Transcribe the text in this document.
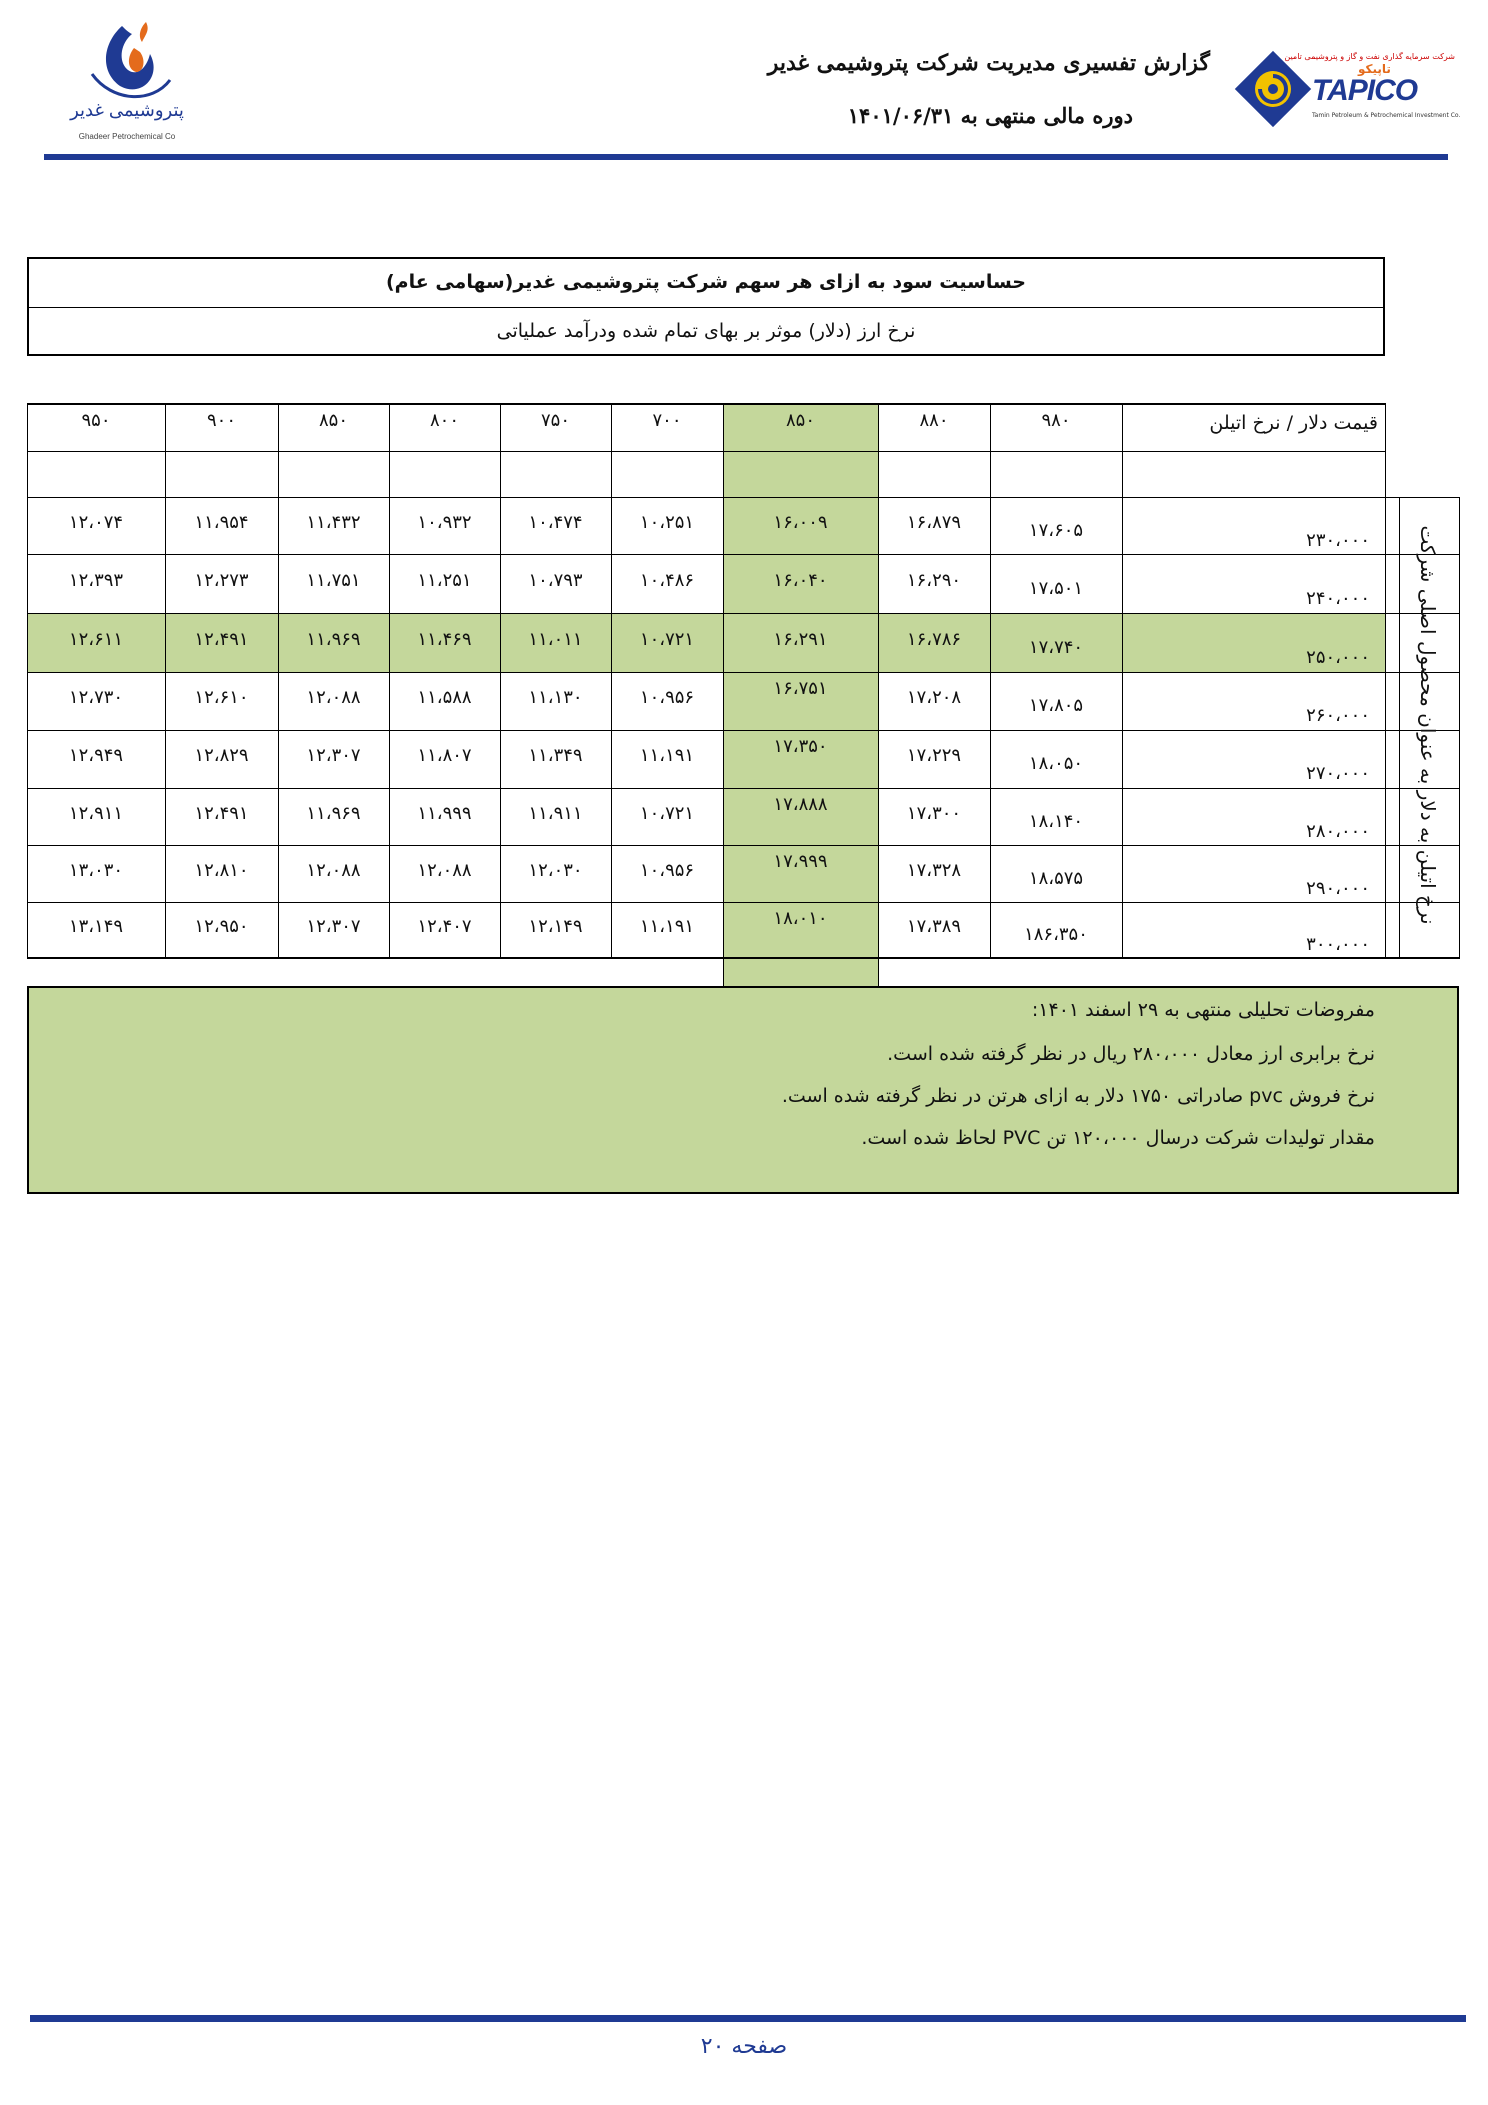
پتروشیمی غدیر
Ghadeer Petrochemical Co
گزارش تفسیری مدیریت شرکت پتروشیمی غدیر
دوره مالی منتهی به ۱۴۰۱/۰۶/۳۱
شرکت سرمایه گذاری نفت و گاز و پتروشیمی تامین
تاپیکو
TAPICO
Tamin Petroleum & Petrochemical Investment Co.
حساسیت سود به ازای هر سهم شرکت پتروشیمی غدیر(سهامی عام)
نرخ ارز (دلار) موثر بر بهای تمام شده ودرآمد عملیاتی
قیمت دلار / نرخ اتیلن
۹۸۰
۸۸۰
۸۵۰
۷۰۰
۷۵۰
۸۰۰
۸۵۰
۹۰۰
۹۵۰
۲۳۰،۰۰۰
۱۷،۶۰۵
۱۶،۸۷۹
۱۶،۰۰۹
۱۰،۲۵۱
۱۰،۴۷۴
۱۰،۹۳۲
۱۱،۴۳۲
۱۱،۹۵۴
۱۲،۰۷۴
۲۴۰،۰۰۰
۱۷،۵۰۱
۱۶،۲۹۰
۱۶،۰۴۰
۱۰،۴۸۶
۱۰،۷۹۳
۱۱،۲۵۱
۱۱،۷۵۱
۱۲،۲۷۳
۱۲،۳۹۳
۲۵۰،۰۰۰
۱۷،۷۴۰
۱۶،۷۸۶
۱۶،۲۹۱
۱۰،۷۲۱
۱۱،۰۱۱
۱۱،۴۶۹
۱۱،۹۶۹
۱۲،۴۹۱
۱۲،۶۱۱
۲۶۰،۰۰۰
۱۷،۸۰۵
۱۷،۲۰۸
۱۶،۷۵۱
۱۰،۹۵۶
۱۱،۱۳۰
۱۱،۵۸۸
۱۲،۰۸۸
۱۲،۶۱۰
۱۲،۷۳۰
۲۷۰،۰۰۰
۱۸،۰۵۰
۱۷،۲۲۹
۱۷،۳۵۰
۱۱،۱۹۱
۱۱،۳۴۹
۱۱،۸۰۷
۱۲،۳۰۷
۱۲،۸۲۹
۱۲،۹۴۹
۲۸۰،۰۰۰
۱۸،۱۴۰
۱۷،۳۰۰
۱۷،۸۸۸
۱۰،۷۲۱
۱۱،۹۱۱
۱۱،۹۹۹
۱۱،۹۶۹
۱۲،۴۹۱
۱۲،۹۱۱
۲۹۰،۰۰۰
۱۸،۵۷۵
۱۷،۳۲۸
۱۷،۹۹۹
۱۰،۹۵۶
۱۲،۰۳۰
۱۲،۰۸۸
۱۲،۰۸۸
۱۲،۸۱۰
۱۳،۰۳۰
۳۰۰،۰۰۰
۱۸۶،۳۵۰
۱۷،۳۸۹
۱۸،۰۱۰
۱۱،۱۹۱
۱۲،۱۴۹
۱۲،۴۰۷
۱۲،۳۰۷
۱۲،۹۵۰
۱۳،۱۴۹
نرخ اتیلن به دلار به عنوان محصول اصلی شرکت
مفروضات تحلیلی منتهی به ۲۹ اسفند ۱۴۰۱:
نرخ برابری ارز معادل ۲۸۰،۰۰۰ ریال در نظر گرفته شده است.
نرخ فروش pvc صادراتی ۱۷۵۰ دلار به ازای هرتن در نظر گرفته شده است.
مقدار تولیدات شرکت درسال ۱۲۰،۰۰۰ تن PVC لحاظ شده است.
صفحه ۲۰
